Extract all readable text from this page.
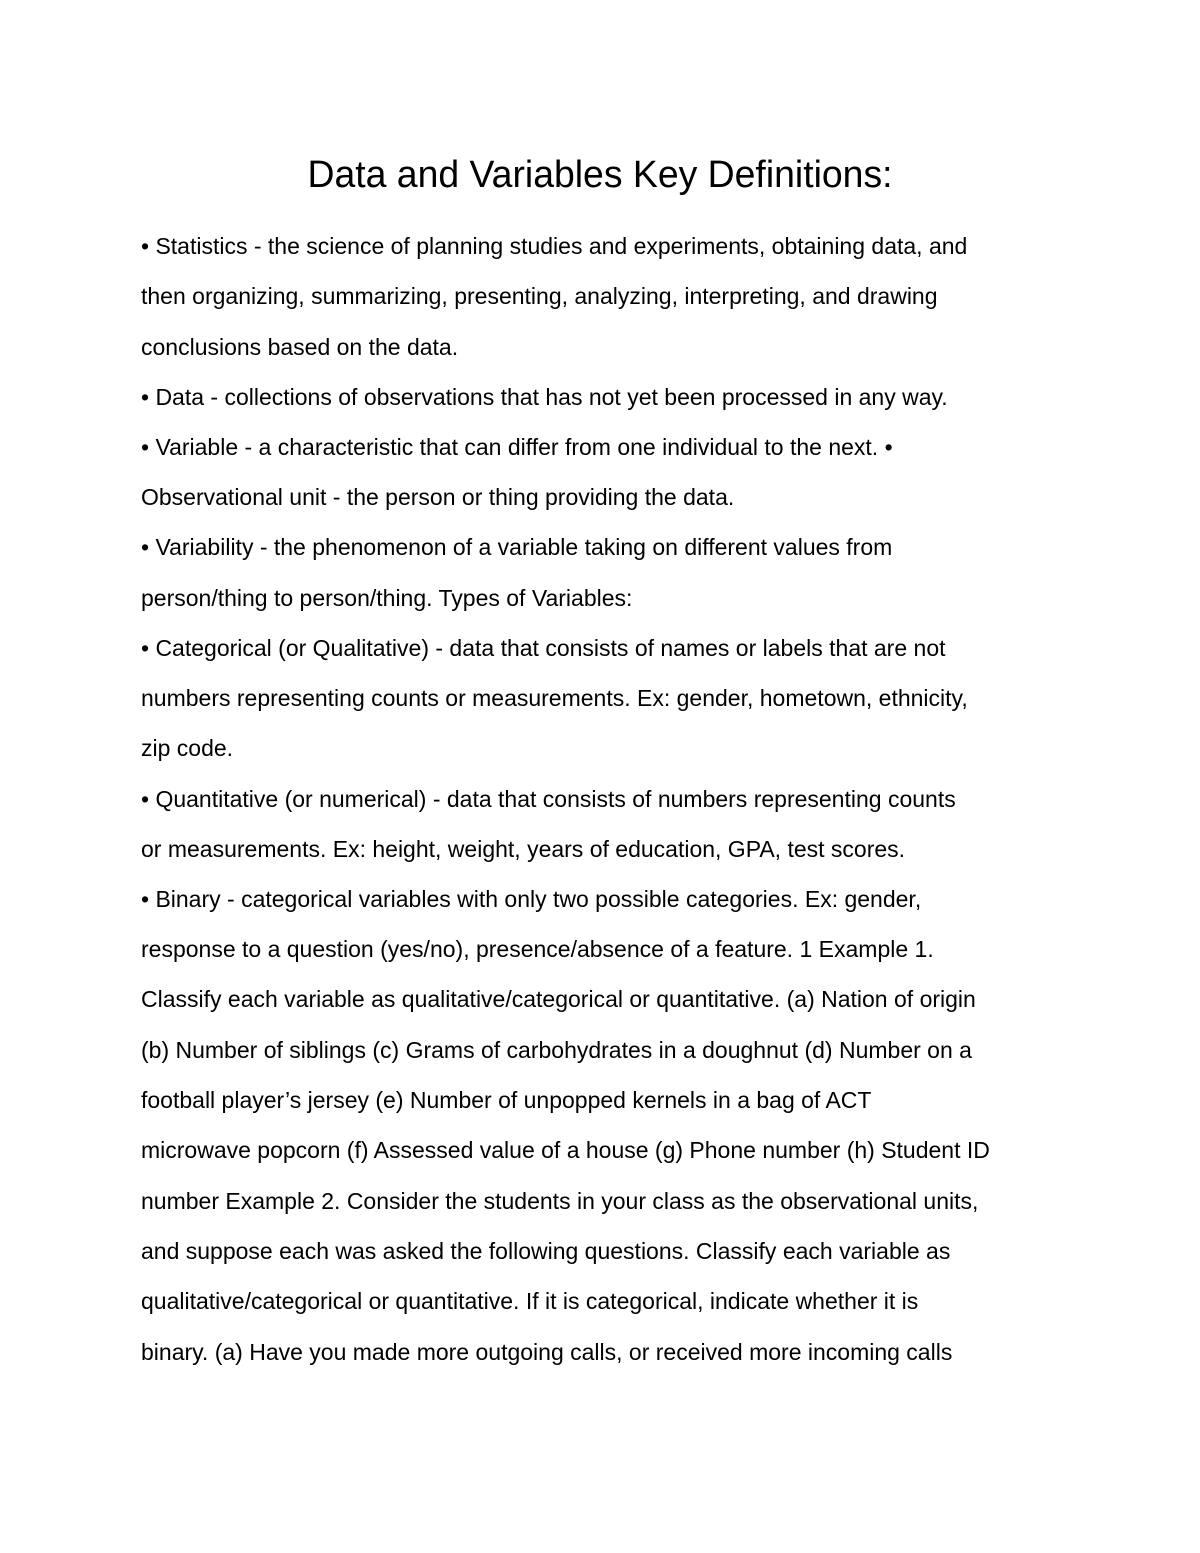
Data and Variables Key Definitions:
• Statistics - the science of planning studies and experiments, obtaining data, and
then organizing, summarizing, presenting, analyzing, interpreting, and drawing
conclusions based on the data.
• Data - collections of observations that has not yet been processed in any way.
• Variable - a characteristic that can differ from one individual to the next. •
Observational unit - the person or thing providing the data.
• Variability - the phenomenon of a variable taking on different values from
person/thing to person/thing. Types of Variables:
• Categorical (or Qualitative) - data that consists of names or labels that are not
numbers representing counts or measurements. Ex: gender, hometown, ethnicity,
zip code.
• Quantitative (or numerical) - data that consists of numbers representing counts
or measurements. Ex: height, weight, years of education, GPA, test scores.
• Binary - categorical variables with only two possible categories. Ex: gender,
response to a question (yes/no), presence/absence of a feature. 1 Example 1.
Classify each variable as qualitative/categorical or quantitative. (a) Nation of origin
(b) Number of siblings (c) Grams of carbohydrates in a doughnut (d) Number on a
football player’s jersey (e) Number of unpopped kernels in a bag of ACT
microwave popcorn (f) Assessed value of a house (g) Phone number (h) Student ID
number Example 2. Consider the students in your class as the observational units,
and suppose each was asked the following questions. Classify each variable as
qualitative/categorical or quantitative. If it is categorical, indicate whether it is
binary. (a) Have you made more outgoing calls, or received more incoming calls
